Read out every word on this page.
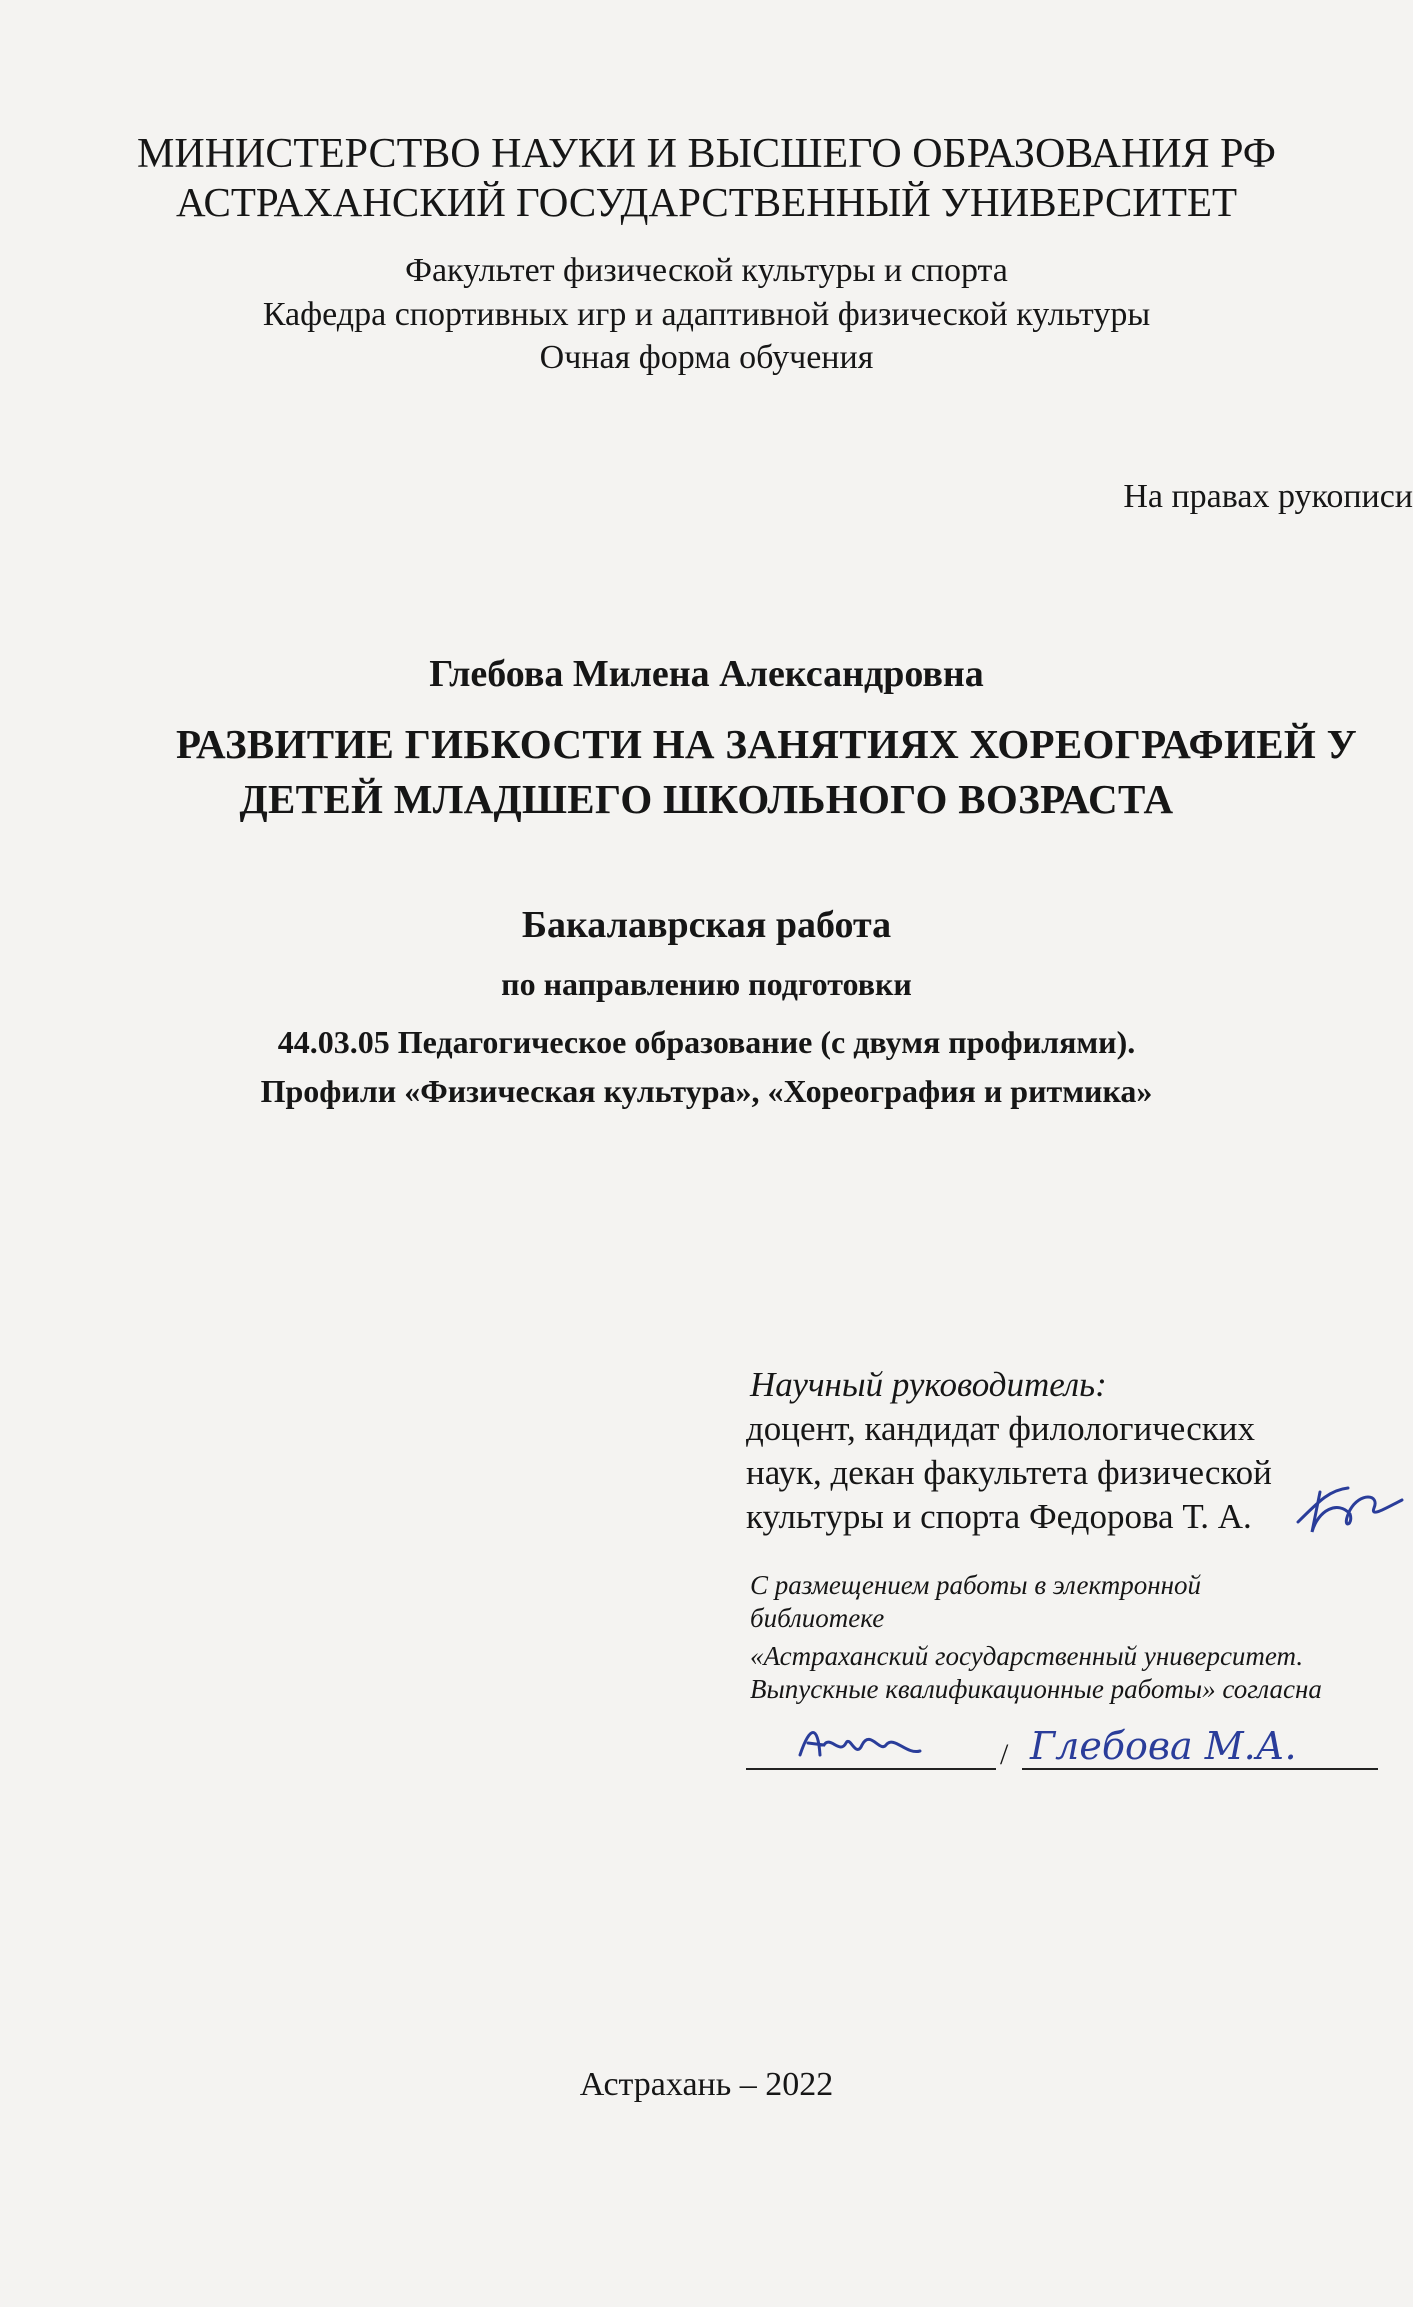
МИНИСТЕРСТВО НАУКИ И ВЫСШЕГО ОБРАЗОВАНИЯ РФ
АСТРАХАНСКИЙ ГОСУДАРСТВЕННЫЙ УНИВЕРСИТЕТ
Факультет физической культуры и спорта
Кафедра спортивных игр и адаптивной физической культуры
Очная форма обучения
На правах рукописи
Глебова Милена Александровна
РАЗВИТИЕ ГИБКОСТИ НА ЗАНЯТИЯХ ХОРЕОГРАФИЕЙ У
ДЕТЕЙ МЛАДШЕГО ШКОЛЬНОГО ВОЗРАСТА
Бакалаврская работа
по направлению подготовки
44.03.05 Педагогическое образование (с двумя профилями).
Профили «Физическая культура», «Хореография и ритмика»
Научный руководитель:
доцент, кандидат филологических
наук, декан факультета физической
культуры и спорта Федорова Т. А.
С размещением работы в электронной
библиотеке
«Астраханский государственный университет.
Выпускные квалификационные работы» согласна
/ Глебова М.А.
Астрахань – 2022
